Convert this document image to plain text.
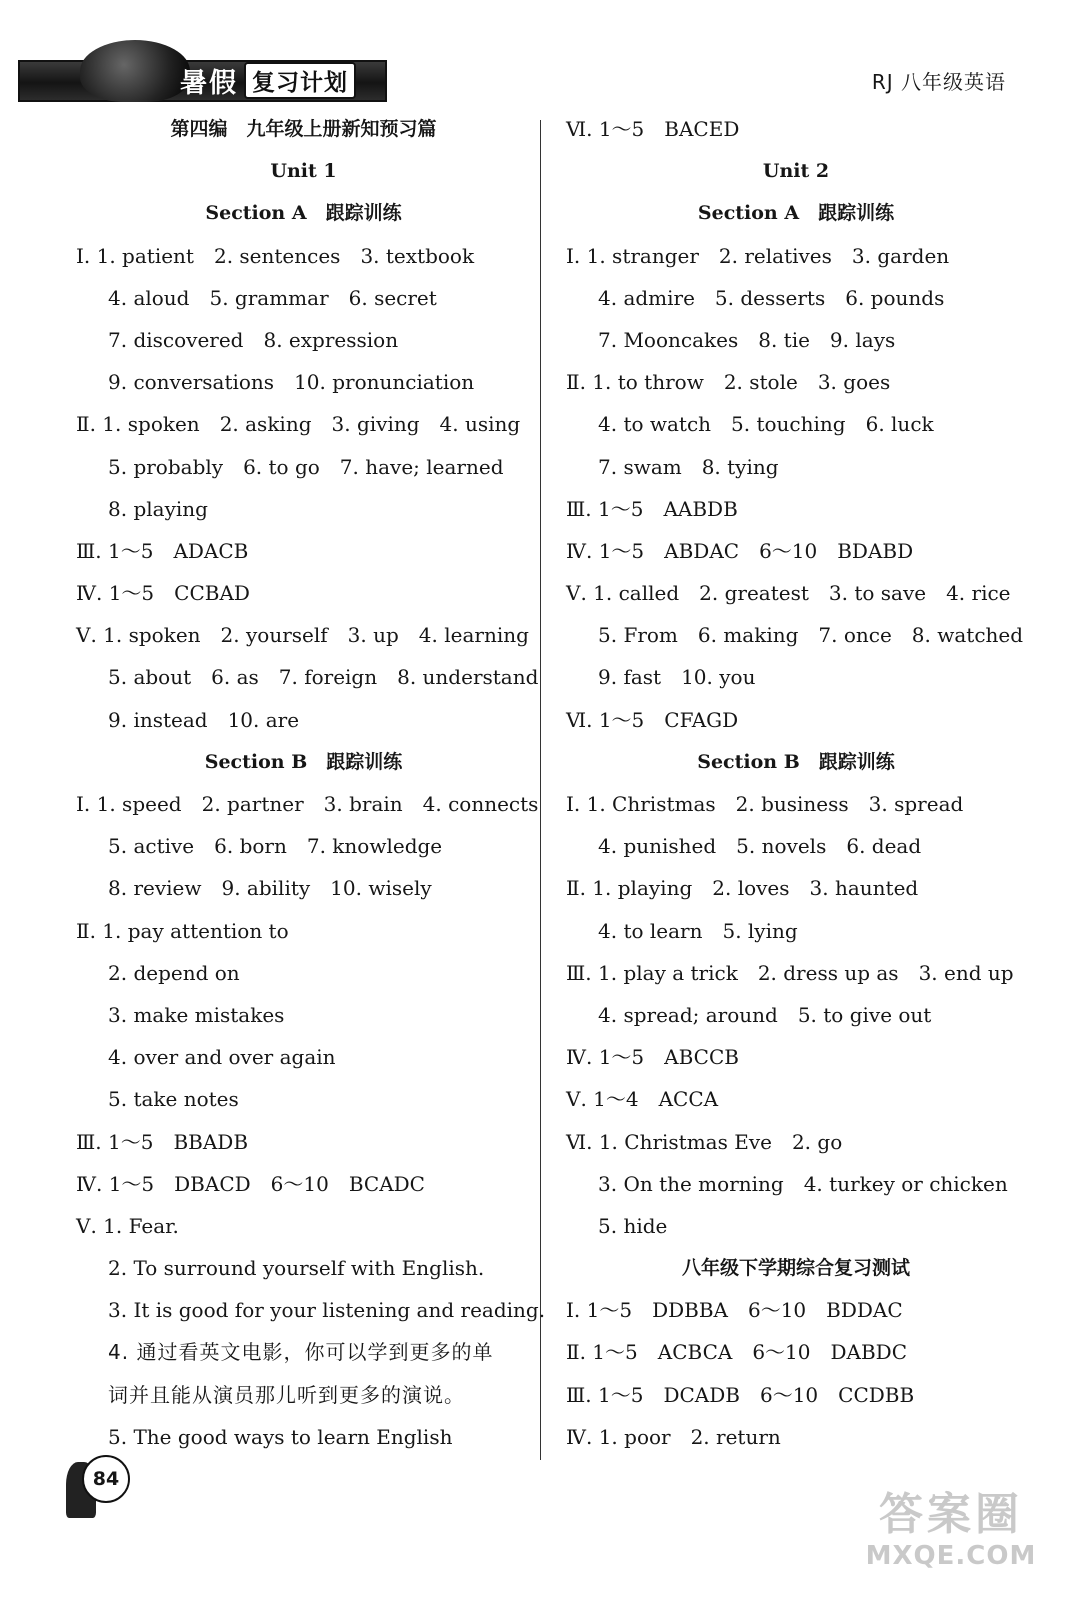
暑假 复习计划	RJ 八年级英语
第四编　九年级上册新知预习篇
Unit 1
Section A　跟踪训练
Ⅰ. 1. patient　2. sentences　3. textbook
4. aloud　5. grammar　6. secret
7. discovered　8. expression
9. conversations　10. pronunciation
Ⅱ. 1. spoken　2. asking　3. giving　4. using
5. probably　6. to go　7. have; learned
8. playing
Ⅲ. 1～5　ADACB
Ⅳ. 1～5　CCBAD
Ⅴ. 1. spoken　2. yourself　3. up　4. learning
5. about　6. as　7. foreign　8. understand
9. instead　10. are
Section B　跟踪训练
Ⅰ. 1. speed　2. partner　3. brain　4. connects
5. active　6. born　7. knowledge
8. review　9. ability　10. wisely
Ⅱ. 1. pay attention to
2. depend on
3. make mistakes
4. over and over again
5. take notes
Ⅲ. 1～5　BBADB
Ⅳ. 1～5　DBACD　6～10　BCADC
Ⅴ. 1. Fear.
2. To surround yourself with English.
3. It is good for your listening and reading.
4. 通过看英文电影，你可以学到更多的单
词并且能从演员那儿听到更多的演说。
5. The good ways to learn English
Ⅵ. 1～5　BACED
Unit 2
Section A　跟踪训练
Ⅰ. 1. stranger　2. relatives　3. garden
4. admire　5. desserts　6. pounds
7. Mooncakes　8. tie　9. lays
Ⅱ. 1. to throw　2. stole　3. goes
4. to watch　5. touching　6. luck
7. swam　8. tying
Ⅲ. 1～5　AABDB
Ⅳ. 1～5　ABDAC　6～10　BDABD
Ⅴ. 1. called　2. greatest　3. to save　4. rice
5. From　6. making　7. once　8. watched
9. fast　10. you
Ⅵ. 1～5　CFAGD
Section B　跟踪训练
Ⅰ. 1. Christmas　2. business　3. spread
4. punished　5. novels　6. dead
Ⅱ. 1. playing　2. loves　3. haunted
4. to learn　5. lying
Ⅲ. 1. play a trick　2. dress up as　3. end up
4. spread; around　5. to give out
Ⅳ. 1～5　ABCCB
Ⅴ. 1～4　ACCA
Ⅵ. 1. Christmas Eve　2. go
3. On the morning　4. turkey or chicken
5. hide
八年级下学期综合复习测试
Ⅰ. 1～5　DDBBA　6～10　BDDAC
Ⅱ. 1～5　ACBCA　6～10　DABDC
Ⅲ. 1～5　DCADB　6～10　CCDBB
Ⅳ. 1. poor　2. return
84
答案圈
MXQE.COM
